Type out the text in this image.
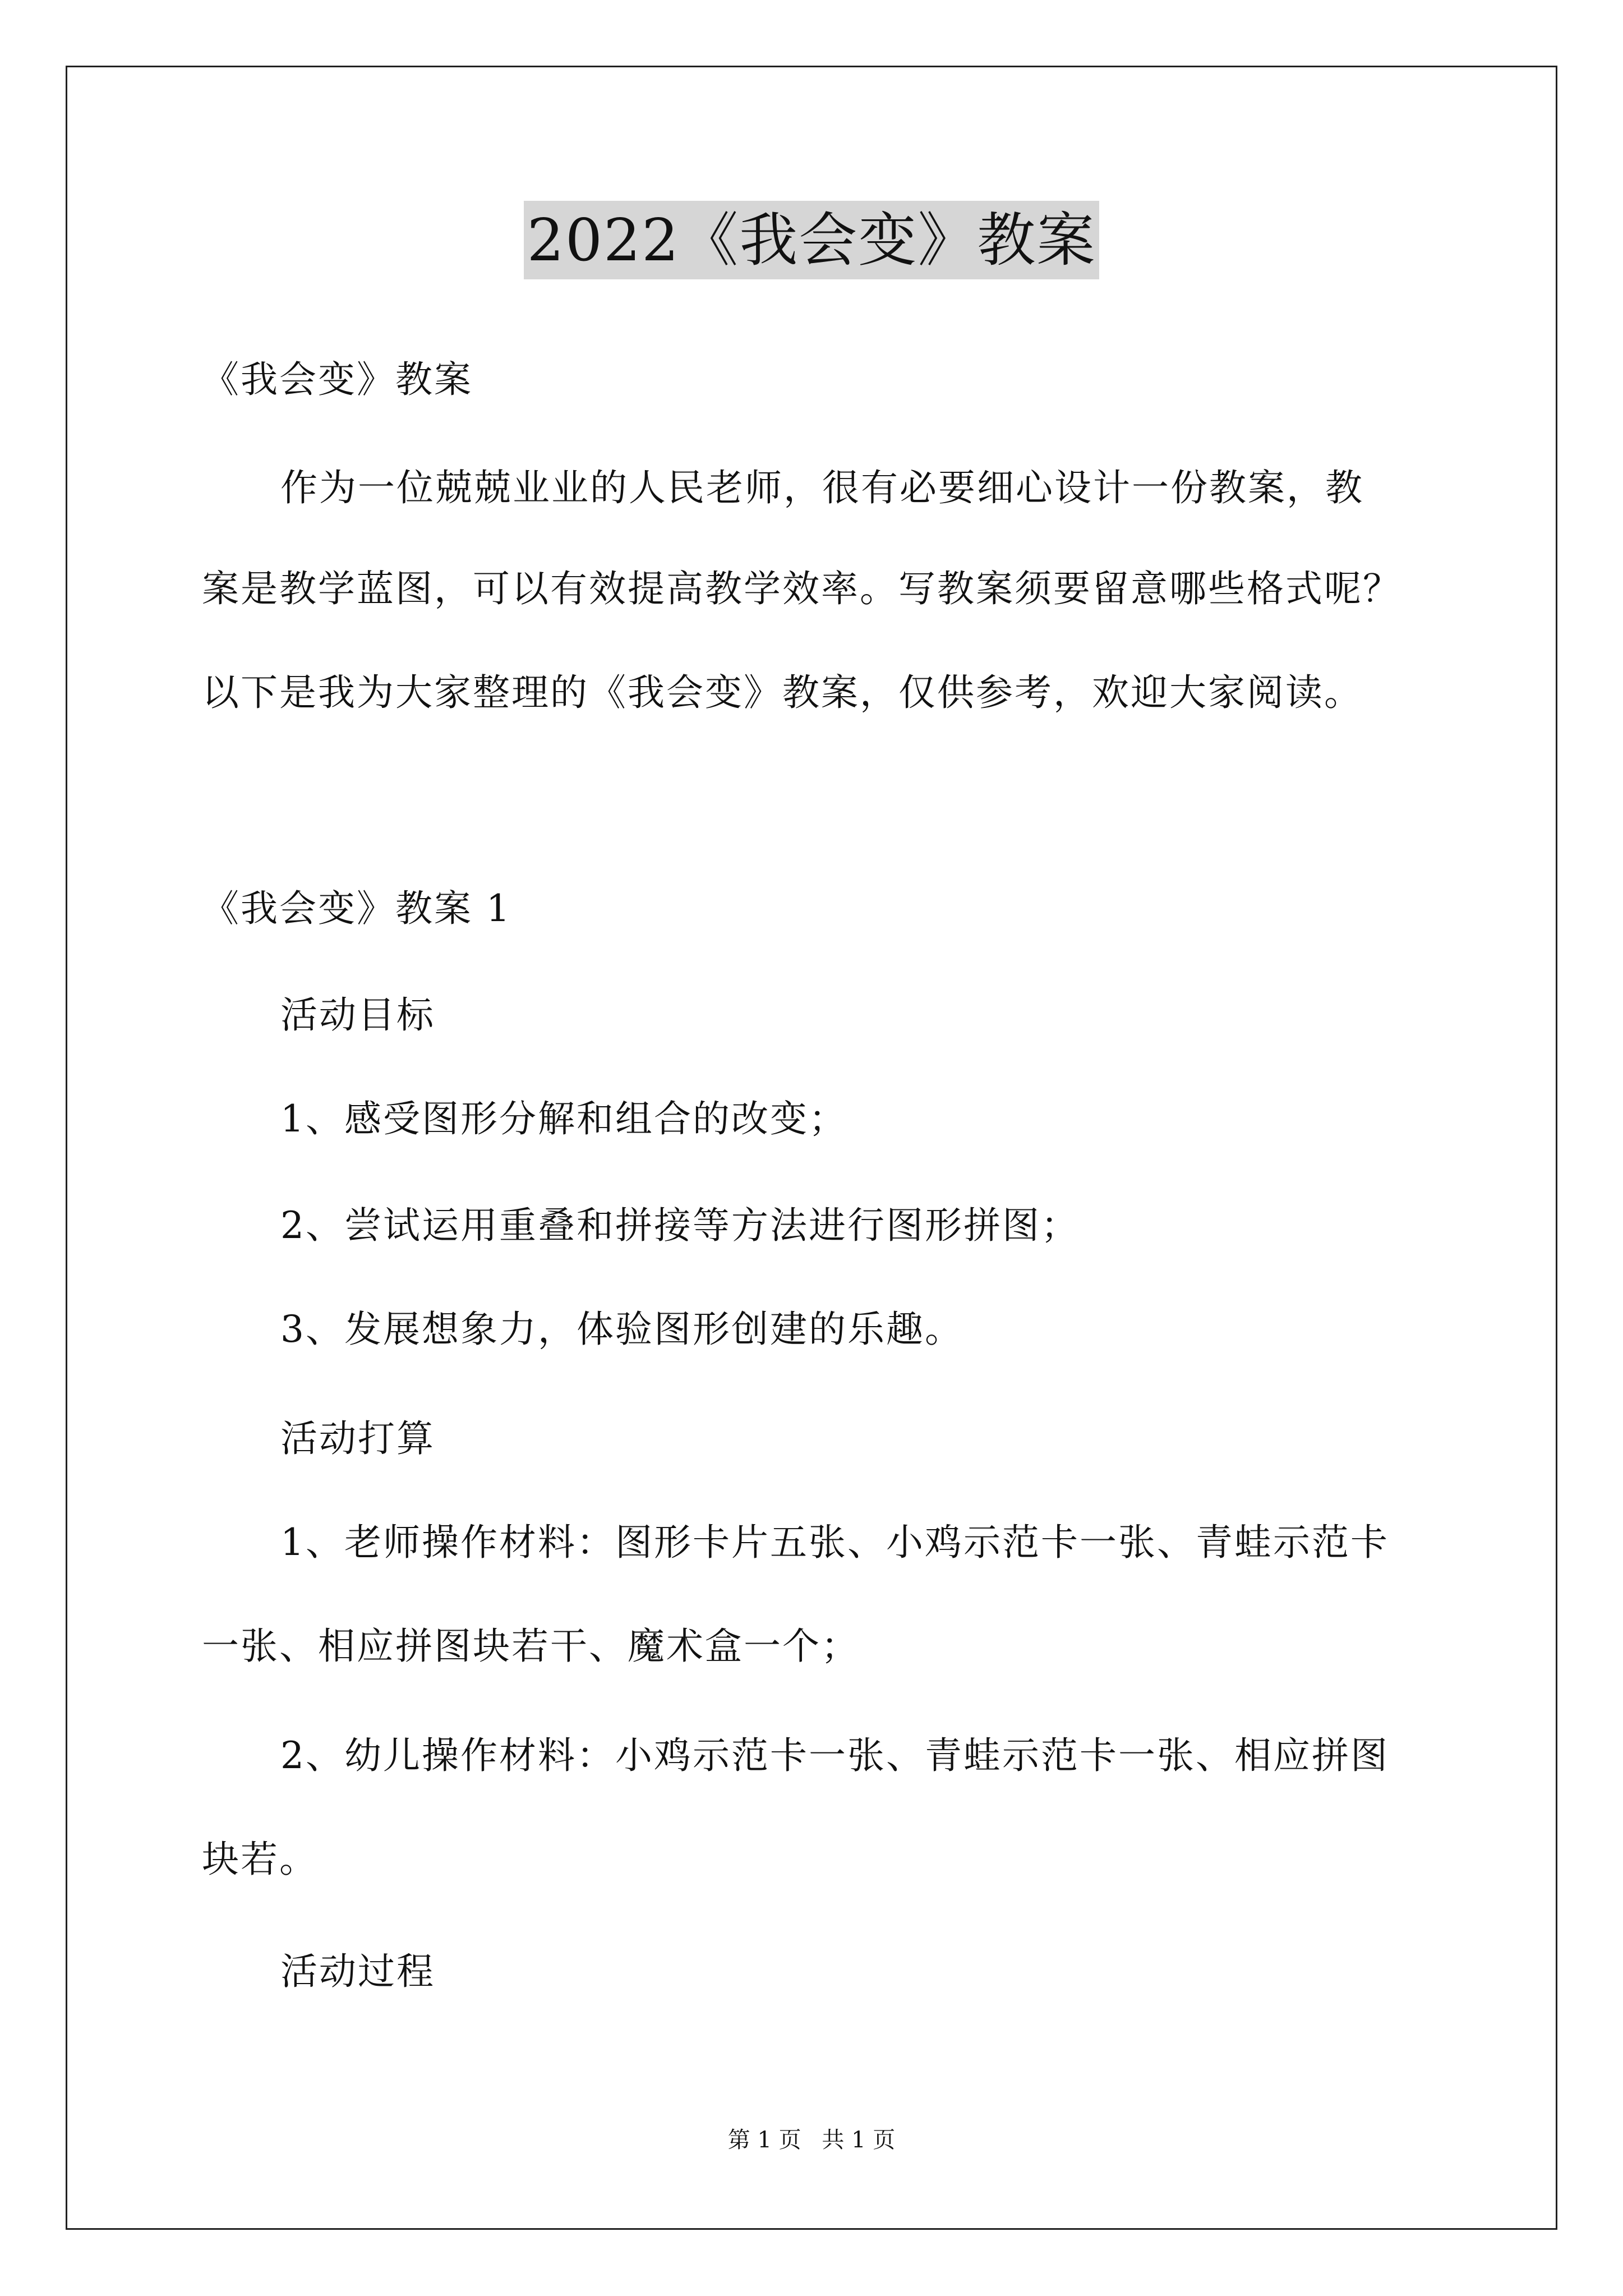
2022《我会变》教案
《我会变》教案
作为一位兢兢业业的人民老师，很有必要细心设计一份教案，教
案是教学蓝图，可以有效提高教学效率。写教案须要留意哪些格式呢？
以下是我为大家整理的《我会变》教案，仅供参考，欢迎大家阅读。
《我会变》教案 1
活动目标
1、感受图形分解和组合的改变；
2、尝试运用重叠和拼接等方法进行图形拼图；
3、发展想象力，体验图形创建的乐趣。
活动打算
1、老师操作材料：图形卡片五张、小鸡示范卡一张、青蛙示范卡
一张、相应拼图块若干、魔术盒一个；
2、幼儿操作材料：小鸡示范卡一张、青蛙示范卡一张、相应拼图
块若。
活动过程
第 1 页 共 1 页
